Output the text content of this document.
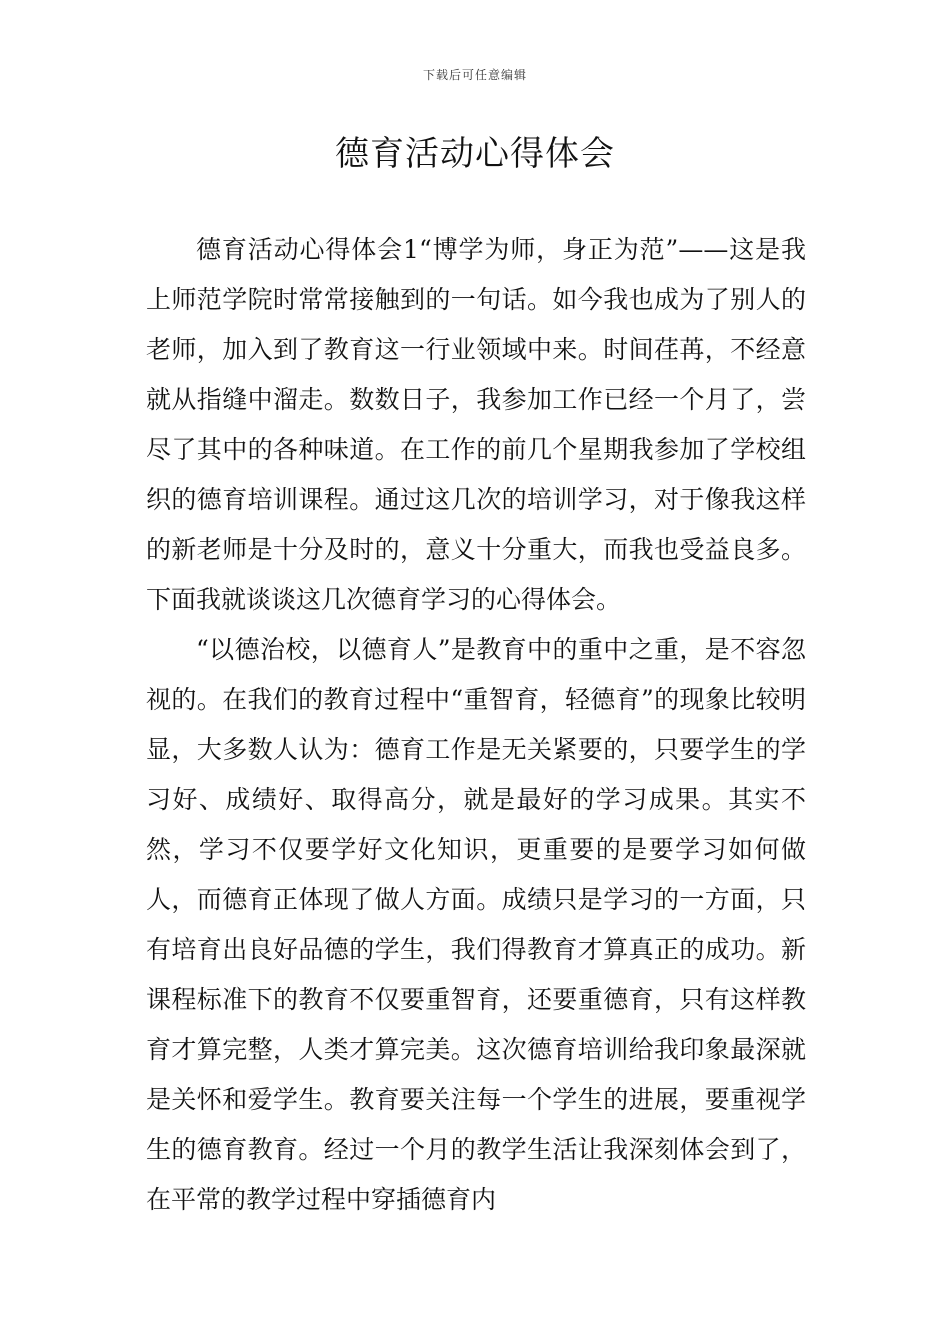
下载后可任意编辑
德育活动心得体会

德育活动心得体会1“博学为师，身正为范”——这是我上师范学院时常常接触到的一句话。如今我也成为了别人的老师，加入到了教育这一行业领域中来。时间荏苒，不经意就从指缝中溜走。数数日子，我参加工作已经一个月了，尝尽了其中的各种味道。在工作的前几个星期我参加了学校组织的德育培训课程。通过这几次的培训学习，对于像我这样的新老师是十分及时的，意义十分重大，而我也受益良多。下面我就谈谈这几次德育学习的心得体会。

“以德治校，以德育人”是教育中的重中之重，是不容忽视的。在我们的教育过程中“重智育，轻德育”的现象比较明显，大多数人认为：德育工作是无关紧要的，只要学生的学习好、成绩好、取得高分，就是最好的学习成果。其实不然，学习不仅要学好文化知识，更重要的是要学习如何做人，而德育正体现了做人方面。成绩只是学习的一方面，只有培育出良好品德的学生，我们得教育才算真正的成功。新课程标准下的教育不仅要重智育，还要重德育，只有这样教育才算完整，人类才算完美。这次德育培训给我印象最深就是关怀和爱学生。教育要关注每一个学生的进展，要重视学生的德育教育。经过一个月的教学生活让我深刻体会到了，在平常的教学过程中穿插德育内
